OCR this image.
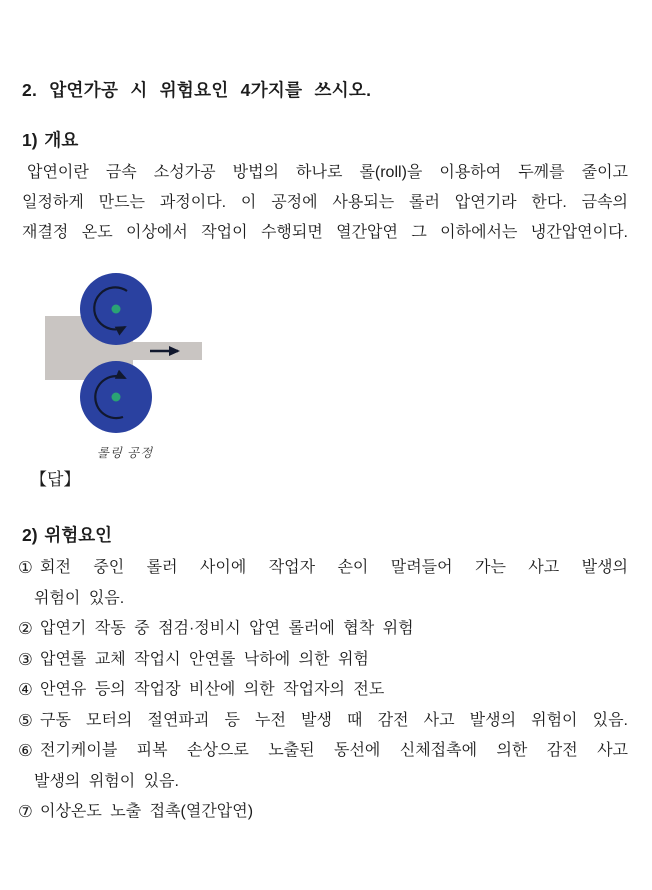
2. 압연가공 시 위험요인 4가지를 쓰시오.
1) 개요
압연이란 금속 소성가공 방법의 하나로 롤(roll)을 이용하여 두께를 줄이고
일정하게 만드는 과정이다. 이 공정에 사용되는 롤러 압연기라 한다. 금속의
재결정 온도 이상에서 작업이 수행되면 열간압연 그 이하에서는 냉간압연이다.
롤링 공정
【답】
2) 위험요인
① 회전 중인 롤러 사이에 작업자 손이 말려들어 가는 사고 발생의
위험이 있음.
② 압연기 작동 중 점검·정비시 압연 롤러에 협착 위험
③ 압연롤 교체 작업시 안연롤 낙하에 의한 위험
④ 안연유 등의 작업장 비산에 의한 작업자의 전도
⑤ 구동 모터의 절연파괴 등 누전 발생 때 감전 사고 발생의 위험이 있음.
⑥ 전기케이블 피복 손상으로 노출된 동선에 신체접촉에 의한 감전 사고
발생의 위험이 있음.
⑦ 이상온도 노출 접촉(열간압연)
